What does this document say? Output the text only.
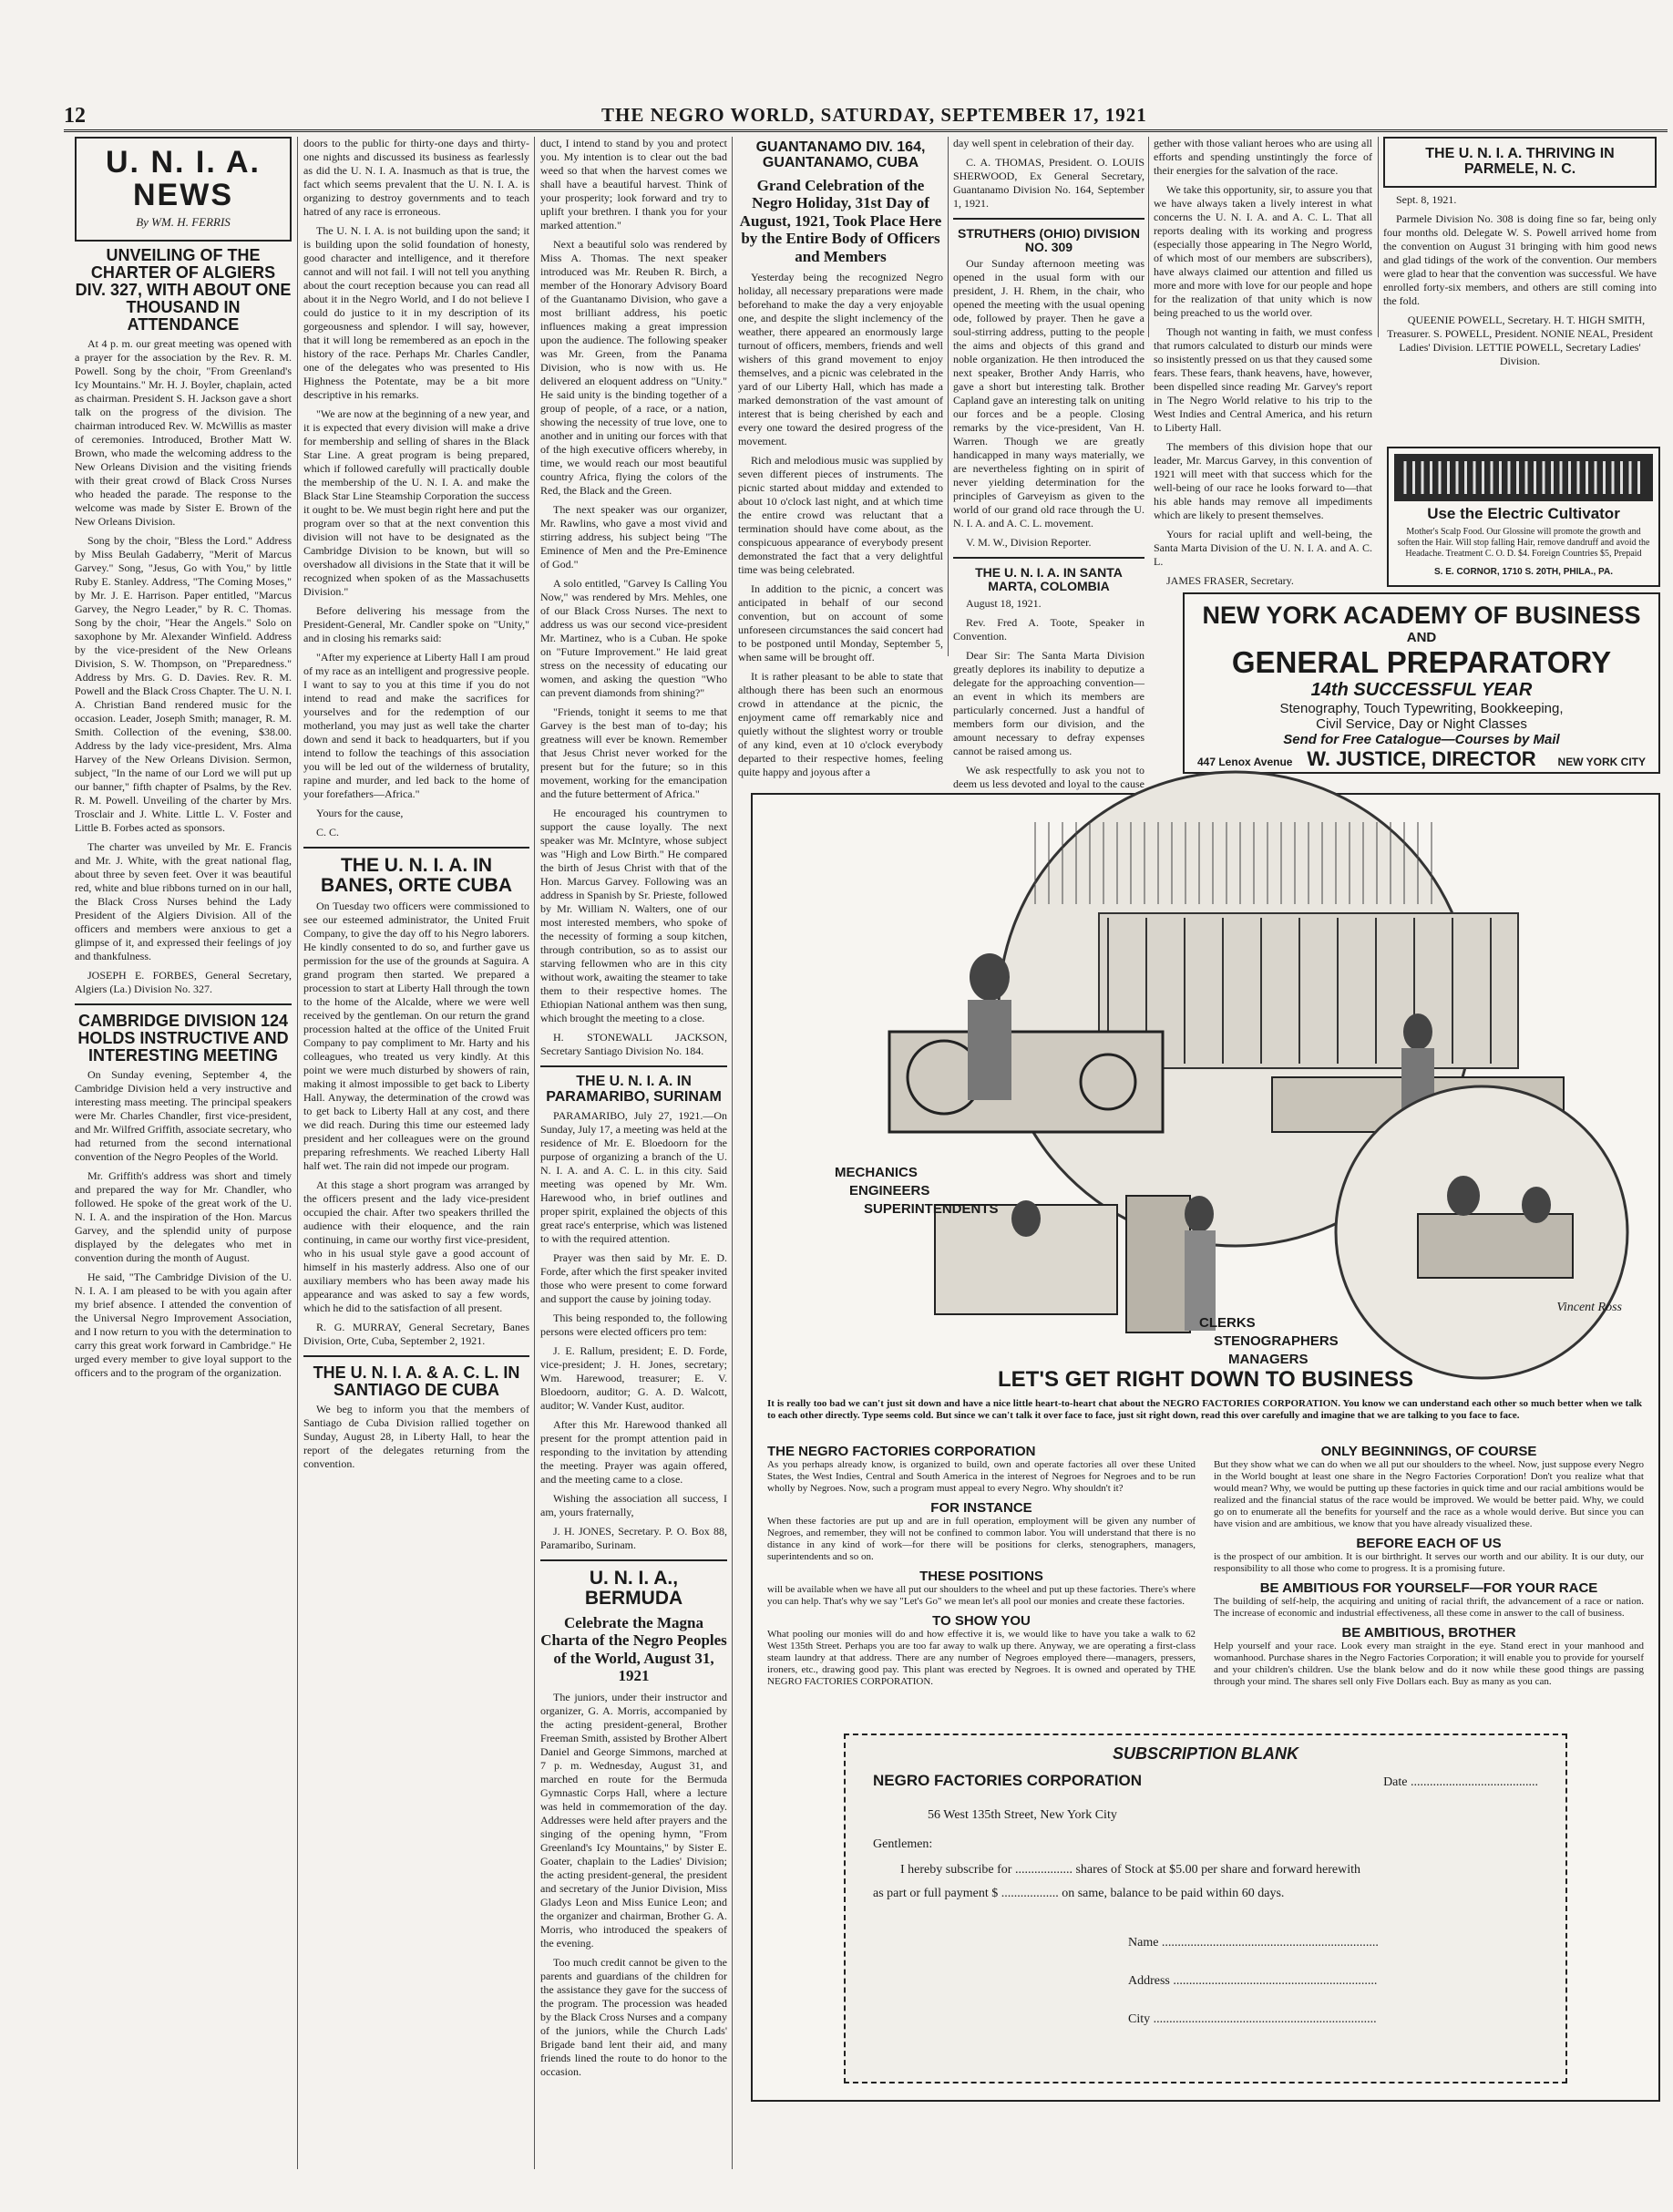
12	THE NEGRO WORLD, SATURDAY, SEPTEMBER 17, 1921
U. N. I. A. NEWS
By WM. H. FERRIS
UNVEILING OF THE CHARTER OF ALGIERS DIV. 327, WITH ABOUT ONE THOUSAND IN ATTENDANCE

At 4 p. m. our great meeting was opened with a prayer for the association by the Rev. R. M. Powell. Song by the choir, "From Greenland's Icy Mountains." Mr. H. J. Boyler, chaplain, acted as chairman. President S. H. Jackson gave a short talk on the progress of the division. The chairman introduced Rev. W. McWillis as master of ceremonies. Introduced, Brother Matt W. Brown, who made the welcoming address to the New Orleans Division and the visiting friends with their great crowd of Black Cross Nurses who headed the parade. The response to the welcome was made by Sister E. Brown of the New Orleans Division.

Song by the choir, "Bless the Lord." Address by Miss Beulah Gadaberry, "Merit of Marcus Garvey." Song, "Jesus, Go with You," by little Ruby E. Stanley. Address, "The Coming Moses," by Mr. J. E. Harrison. Paper entitled, "Marcus Garvey, the Negro Leader," by R. C. Thomas. Song by the choir, "Hear the Angels." Solo on saxophone by Mr. Alexander Winfield. Address by the vice-president of the New Orleans Division, S. W. Thompson, on "Preparedness." Address by Mrs. G. D. Davies. Rev. R. M. Powell and the Black Cross Chapter. The U. N. I. A. Christian Band rendered music for the occasion. Leader, Joseph Smith; manager, R. M. Smith. Collection of the evening, $38.00. Address by the lady vice-president, Mrs. Alma Harvey of the New Orleans Division. Sermon, subject, "In the name of our Lord we will put up our banner," fifth chapter of Psalms, by the Rev. R. M. Powell. Unveiling of the charter by Mrs. Trosclair and J. White. Little L. V. Foster and Little B. Forbes acted as sponsors.

The charter was unveiled by Mr. E. Francis and Mr. J. White, with the great national flag, about three by seven feet. Over it was beautiful red, white and blue ribbons turned on in our hall, the Black Cross Nurses behind the Lady President of the Algiers Division. All of the officers and members were anxious to get a glimpse of it, and expressed their feelings of joy and thankfulness.

JOSEPH E. FORBES, General Secretary, Algiers (La.) Division No. 327.

CAMBRIDGE DIVISION 124 HOLDS INSTRUCTIVE AND INTERESTING MEETING

On Sunday evening, September 4, the Cambridge Division held a very instructive and interesting mass meeting. The principal speakers were Mr. Charles Chandler, first vice-president, and Mr. Wilfred Griffith, associate secretary, who had returned from the second international convention of the Negro Peoples of the World.

Mr. Griffith's address was short and timely and prepared the way for Mr. Chandler, who followed. He spoke of the great work of the U. N. I. A. and the inspiration of the Hon. Marcus Garvey, and the splendid unity of purpose displayed by the delegates who met in convention during the month of August.

He said, "The Cambridge Division of the U. N. I. A. I am pleased to be with you again after my brief absence. I attended the convention of the Universal Negro Improvement Association, and I now return to you with the determination to carry this great work forward in Cambridge." He urged every member to give loyal support to the officers and to the program of the organization.

doors to the public for thirty-one days and thirty-one nights and discussed its business as fearlessly as did the U. N. I. A. Inasmuch as that is true, the fact which seems prevalent that the U. N. I. A. is organizing to destroy governments and to teach hatred of any race is erroneous.

The U. N. I. A. is not building upon the sand; it is building upon the solid foundation of honesty, good character and intelligence, and it therefore cannot and will not fail. I will not tell you anything about the court reception because you can read all about it in the Negro World, and I do not believe I could do justice to it in my description of its gorgeousness and splendor. I will say, however, that it will long be remembered as an epoch in the history of the race. Perhaps Mr. Charles Candler, one of the delegates who was presented to His Highness the Potentate, may be a bit more descriptive in his remarks.

"We are now at the beginning of a new year, and it is expected that every division will make a drive for membership and selling of shares in the Black Star Line. A great program is being prepared, which if followed carefully will practically double the membership of the U. N. I. A. and make the Black Star Line Steamship Corporation the success it ought to be. We must begin right here and put the program over so that at the next convention this division will not have to be designated as the Cambridge Division to be known, but will so overshadow all divisions in the State that it will be recognized when spoken of as the Massachusetts Division."

Before delivering his message from the President-General, Mr. Candler spoke on "Unity," and in closing his remarks said:

"After my experience at Liberty Hall I am proud of my race as an intelligent and progressive people. I want to say to you at this time if you do not intend to read and make the sacrifices for yourselves and for the redemption of our motherland, you may just as well take the charter down and send it back to headquarters, but if you intend to follow the teachings of this association you will be led out of the wilderness of brutality, rapine and murder, and led back to the home of your forefathers—Africa."

Yours for the cause,

C. C.

THE U. N. I. A. IN BANES, ORTE CUBA

On Tuesday two officers were commissioned to see our esteemed administrator, the United Fruit Company, to give the day off to his Negro laborers. He kindly consented to do so, and further gave us permission for the use of the grounds at Saguira. A grand program then started. We prepared a procession to start at Liberty Hall through the town to the home of the Alcalde, where we were well received by the gentleman. On our return the grand procession halted at the office of the United Fruit Company to pay compliment to Mr. Harty and his colleagues, who treated us very kindly. At this point we were much disturbed by showers of rain, making it almost impossible to get back to Liberty Hall. Anyway, the determination of the crowd was to get back to Liberty Hall at any cost, and there we did reach. During this time our esteemed lady president and her colleagues were on the ground preparing refreshments. We reached Liberty Hall half wet. The rain did not impede our program.

At this stage a short program was arranged by the officers present and the lady vice-president occupied the chair. After two speakers thrilled the audience with their eloquence, and the rain continuing, in came our worthy first vice-president, who in his usual style gave a good account of himself in his masterly address. Also one of our auxiliary members who has been away made his appearance and was asked to say a few words, which he did to the satisfaction of all present.

R. G. MURRAY, General Secretary, Banes Division, Orte, Cuba, September 2, 1921.

THE U. N. I. A. & A. C. L. IN SANTIAGO DE CUBA

We beg to inform you that the members of Santiago de Cuba Division rallied together on Sunday, August 28, in Liberty Hall, to hear the report of the delegates returning from the convention.

duct, I intend to stand by you and protect you. My intention is to clear out the bad weed so that when the harvest comes we shall have a beautiful harvest. Think of your prosperity; look forward and try to uplift your brethren. I thank you for your marked attention."

Next a beautiful solo was rendered by Miss A. Thomas. The next speaker introduced was Mr. Reuben R. Birch, a member of the Honorary Advisory Board of the Guantanamo Division, who gave a most brilliant address, his poetic influences making a great impression upon the audience. The following speaker was Mr. Green, from the Panama Division, who is now with us. He delivered an eloquent address on "Unity." He said unity is the binding together of a group of people, of a race, or a nation, showing the necessity of true love, one to another and in uniting our forces with that of the high executive officers whereby, in time, we would reach our most beautiful country Africa, flying the colors of the Red, the Black and the Green.

The next speaker was our organizer, Mr. Rawlins, who gave a most vivid and stirring address, his subject being "The Eminence of Men and the Pre-Eminence of God."

A solo entitled, "Garvey Is Calling You Now," was rendered by Mrs. Mehles, one of our Black Cross Nurses. The next to address us was our second vice-president Mr. Martinez, who is a Cuban. He spoke on "Future Improvement." He laid great stress on the necessity of educating our women, and asking the question "Who can prevent diamonds from shining?"

"Friends, tonight it seems to me that Garvey is the best man of to-day; his greatness will ever be known. Remember that Jesus Christ never worked for the present but for the future; so in this movement, working for the emancipation and the future betterment of Africa."

He encouraged his countrymen to support the cause loyally. The next speaker was Mr. McIntyre, whose subject was "High and Low Birth." He compared the birth of Jesus Christ with that of the Hon. Marcus Garvey. Following was an address in Spanish by Sr. Prieste, followed by Mr. William N. Walters, one of our most interested members, who spoke of the necessity of forming a soup kitchen, through contribution, so as to assist our starving fellowmen who are in this city without work, awaiting the steamer to take them to their respective homes. The Ethiopian National anthem was then sung, which brought the meeting to a close.

H. STONEWALL JACKSON, Secretary Santiago Division No. 184.

THE U. N. I. A. IN PARAMARIBO, SURINAM

PARAMARIBO, July 27, 1921.—On Sunday, July 17, a meeting was held at the residence of Mr. E. Bloedoorn for the purpose of organizing a branch of the U. N. I. A. and A. C. L. in this city. Said meeting was opened by Mr. Wm. Harewood who, in brief outlines and proper spirit, explained the objects of this great race's enterprise, which was listened to with the required attention.

Prayer was then said by Mr. E. D. Forde, after which the first speaker invited those who were present to come forward and support the cause by joining today.

This being responded to, the following persons were elected officers pro tem:

J. E. Rallum, president; E. D. Forde, vice-president; J. H. Jones, secretary; Wm. Harewood, treasurer; E. V. Bloedoorn, auditor; G. A. D. Walcott, auditor; W. Vander Kust, auditor.

After this Mr. Harewood thanked all present for the prompt attention paid in responding to the invitation by attending the meeting. Prayer was again offered, and the meeting came to a close.

Wishing the association all success, I am, yours fraternally,

J. H. JONES, Secretary. P. O. Box 88, Paramaribo, Surinam.

U. N. I. A., BERMUDA
Celebrate the Magna Charta of the Negro Peoples of the World, August 31, 1921

The juniors, under their instructor and organizer, G. A. Morris, accompanied by the acting president-general, Brother Freeman Smith, assisted by Brother Albert Daniel and George Simmons, marched at 7 p. m. Wednesday, August 31, and marched en route for the Bermuda Gymnastic Corps Hall, where a lecture was held in commemoration of the day. Addresses were held after prayers and the singing of the opening hymn, "From Greenland's Icy Mountains," by Sister E. Goater, chaplain to the Ladies' Division; the acting president-general, the president and secretary of the Junior Division, Miss Gladys Leon and Miss Eunice Leon; and the organizer and chairman, Brother G. A. Morris, who introduced the speakers of the evening.

Too much credit cannot be given to the parents and guardians of the children for the assistance they gave for the success of the program. The procession was headed by the Black Cross Nurses and a company of the juniors, while the Church Lads' Brigade band lent their aid, and many friends lined the route to do honor to the occasion.

GUANTANAMO DIV. 164, GUANTANAMO, CUBA
Grand Celebration of the Negro Holiday, 31st Day of August, 1921, Took Place Here by the Entire Body of Officers and Members

Yesterday being the recognized Negro holiday, all necessary preparations were made beforehand to make the day a very enjoyable one, and despite the slight inclemency of the weather, there appeared an enormously large turnout of officers, members, friends and well wishers of this grand movement to enjoy themselves, and a picnic was celebrated in the yard of our Liberty Hall, which has made a marked demonstration of the vast amount of interest that is being cherished by each and every one toward the desired progress of the movement.

Rich and melodious music was supplied by seven different pieces of instruments. The picnic started about midday and extended to about 10 o'clock last night, and at which time the entire crowd was reluctant that a termination should have come about, as the conspicuous appearance of everybody present demonstrated the fact that a very delightful time was being celebrated.

In addition to the picnic, a concert was anticipated in behalf of our second convention, but on account of some unforeseen circumstances the said concert had to be postponed until Monday, September 5, when same will be brought off.

It is rather pleasant to be able to state that although there has been such an enormous crowd in attendance at the picnic, the enjoyment came off remarkably nice and quietly without the slightest worry or trouble of any kind, even at 10 o'clock everybody departed to their respective homes, feeling quite happy and joyous after a

day well spent in celebration of their day.

C. A. THOMAS, President. O. LOUIS SHERWOOD, Ex General Secretary, Guantanamo Division No. 164, September 1, 1921.

STRUTHERS (OHIO) DIVISION NO. 309

Our Sunday afternoon meeting was opened in the usual form with our president, J. H. Rhem, in the chair, who opened the meeting with the usual opening ode, followed by prayer. Then he gave a soul-stirring address, putting to the people the aims and objects of this grand and noble organization. He then introduced the next speaker, Brother Andy Harris, who gave a short but interesting talk. Brother Capland gave an interesting talk on uniting our forces and be a people. Closing remarks by the vice-president, Van H. Warren. Though we are greatly handicapped in many ways materially, we are nevertheless fighting on in spirit of never yielding determination for the principles of Garveyism as given to the world of our grand old race through the U. N. I. A. and A. C. L. movement.

V. M. W., Division Reporter.

THE U. N. I. A. IN SANTA MARTA, COLOMBIA

August 18, 1921.

Rev. Fred A. Toote, Speaker in Convention.

Dear Sir: The Santa Marta Division greatly deplores its inability to deputize a delegate for the approaching convention—an event in which its members are particularly concerned. Just a handful of members form our division, and the amount necessary to defray expenses cannot be raised among us.

We ask respectfully to ask you not to deem us less devoted and loyal to the cause

gether with those valiant heroes who are using all efforts and spending unstintingly the force of their energies for the salvation of the race.

We take this opportunity, sir, to assure you that we have always taken a lively interest in what concerns the U. N. I. A. and A. C. L. That all reports dealing with its working and progress (especially those appearing in The Negro World, of which most of our members are subscribers), have always claimed our attention and filled us more and more with love for our people and hope for the realization of that unity which is now being preached to us the world over.

Though not wanting in faith, we must confess that rumors calculated to disturb our minds were so insistently pressed on us that they caused some fears. These fears, thank heavens, have, however, been dispelled since reading Mr. Garvey's report in The Negro World relative to his trip to the West Indies and Central America, and his return to Liberty Hall.

The members of this division hope that our leader, Mr. Marcus Garvey, in this convention of 1921 will meet with that success which for the well-being of our race he looks forward to—that his able hands may remove all impediments which are likely to present themselves.

Yours for racial uplift and well-being, the Santa Marta Division of the U. N. I. A. and A. C. L.

JAMES FRASER, Secretary.

THE U. N. I. A. THRIVING IN PARMELE, N. C.

Sept. 8, 1921.

Parmele Division No. 308 is doing fine so far, being only four months old. Delegate W. S. Powell arrived home from the convention on August 31 bringing with him good news and glad tidings of the work of the convention. Our members were glad to hear that the convention was successful. We have enrolled forty-six members, and others are still coming into the fold.

QUEENIE POWELL, Secretary. H. T. HIGH SMITH, Treasurer. S. POWELL, President. NONIE NEAL, President Ladies' Division. LETTIE POWELL, Secretary Ladies' Division.

Use the Electric Cultivator
Mother's Scalp Food. Our Glossine will promote the growth and soften the Hair. Will stop falling Hair, remove dandruff and avoid the Headache. Treatment C. O. D. $4. Foreign Countries $5, Prepaid
S. E. CORNOR, 1710 S. 20TH, PHILA., PA.
NEW YORK ACADEMY OF BUSINESS
AND
GENERAL PREPARATORY
14th SUCCESSFUL YEAR
Stenography, Touch Typewriting, Bookkeeping,
Civil Service, Day or Night Classes
Send for Free Catalogue—Courses by Mail
W. JUSTICE, DIRECTOR
447 Lenox Avenue	NEW YORK CITY
MECHANICS
ENGINEERS
SUPERINTENDENTS
CLERKS
STENOGRAPHERS
MANAGERS
Vincent Ross
LET'S GET RIGHT DOWN TO BUSINESS
It is really too bad we can't just sit down and have a nice little heart-to-heart chat about the NEGRO FACTORIES CORPORATION. You know we can understand each other so much better when we talk to each other directly. Type seems cold. But since we can't talk it over face to face, just sit right down, read this over carefully and imagine that we are talking to you face to face.
THE NEGRO FACTORIES CORPORATION
As you perhaps already know, is organized to build, own and operate factories all over these United States, the West Indies, Central and South America in the interest of Negroes for Negroes and to be run wholly by Negroes. Now, such a program must appeal to every Negro. Why shouldn't it?
FOR INSTANCE
When these factories are put up and are in full operation, employment will be given any number of Negroes, and remember, they will not be confined to common labor. You will understand that there is no distance in any kind of work—for there will be positions for clerks, stenographers, managers, superintendents and so on.
THESE POSITIONS
will be available when we have all put our shoulders to the wheel and put up these factories. There's where you can help. That's why we say "Let's Go" we mean let's all pool our monies and create these factories.
TO SHOW YOU
What pooling our monies will do and how effective it is, we would like to have you take a walk to 62 West 135th Street. Perhaps you are too far away to walk up there. Anyway, we are operating a first-class steam laundry at that address. There are any number of Negroes employed there—managers, pressers, ironers, etc., drawing good pay. This plant was erected by Negroes. It is owned and operated by THE NEGRO FACTORIES CORPORATION.
ONLY BEGINNINGS, OF COURSE
But they show what we can do when we all put our shoulders to the wheel. Now, just suppose every Negro in the World bought at least one share in the Negro Factories Corporation! Don't you realize what that would mean? Why, we would be putting up these factories in quick time and our racial ambitions would be realized and the financial status of the race would be improved. We would be better paid. Why, we could go on to enumerate all the benefits for yourself and the race as a whole would derive. But since you can have vision and are ambitious, we know that you have already visualized these.
BEFORE EACH OF US
is the prospect of our ambition. It is our birthright. It serves our worth and our ability. It is our duty, our responsibility to all those who come to progress. It is a promising future.
BE AMBITIOUS FOR YOURSELF—FOR YOUR RACE
The building of self-help, the acquiring and uniting of racial thrift, the advancement of a race or nation. The increase of economic and industrial effectiveness, all these come in answer to the call of business.
BE AMBITIOUS, BROTHER
Help yourself and your race. Look every man straight in the eye. Stand erect in your manhood and womanhood. Purchase shares in the Negro Factories Corporation; it will enable you to provide for yourself and your children's children. Use the blank below and do it now while these good things are passing through your mind. The shares sell only Five Dollars each. Buy as many as you can.
SUBSCRIPTION BLANK
NEGRO FACTORIES CORPORATION	Date ........................................
56 West 135th Street, New York City
Gentlemen:
I hereby subscribe for .................. shares of Stock at $5.00 per share and forward herewith
as part or full payment $ .................. on same, balance to be paid within 60 days.
Name ....................................................................
Address ................................................................
City ......................................................................
